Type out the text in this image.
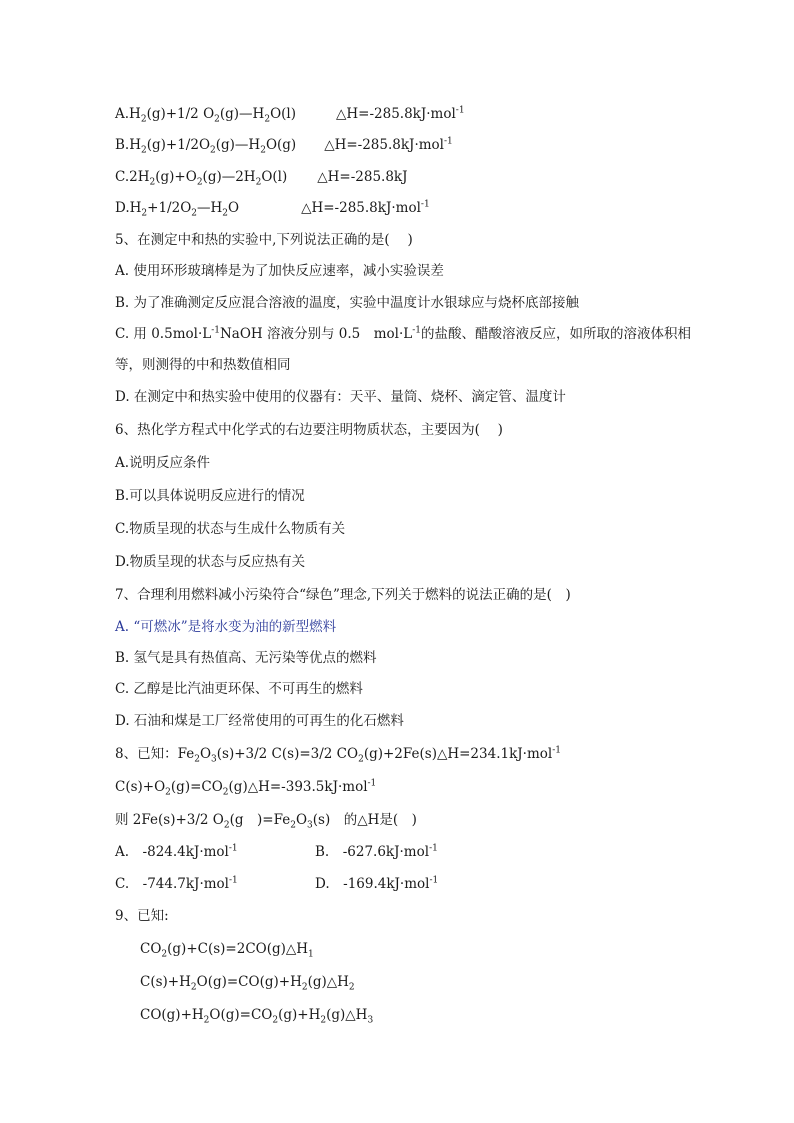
$A.H_2(g)+1/2$ $O_2(g)—H_2O(l)$	△H=-285.8kJ·mol$^{-1}$
$B.H_2(g)+1/2O_2(g)—H_2O(g)$ △H=-285.8kJ·mol$^{-1}$
$C.2H_2(g)+O_2(g)—2H_2O(l)$ △H=-285.8kJ
$D.H_2+1/2O_2—H_2O$	△H=-285.8kJ·mol$^{-1}$
5、在测定中和热的实验中,下列说法正确的是(　 )
A. 使用环形玻璃棒是为了加快反应速率，减小实验误差
B. 为了准确测定反应混合溶液的温度，实验中温度计水银球应与烧杯底部接触
C. 用 $0.5mol\cdot L^{-1}NaOH$ 溶液分别与 0.5　$mol\cdot L^{-1}$的盐酸、醋酸溶液反应，如所取的溶液体积相
等，则测得的中和热数值相同
D. 在测定中和热实验中使用的仪器有：天平、量筒、烧杯、滴定管、温度计
6、热化学方程式中化学式的右边要注明物质状态，主要因为(　 )
A.说明反应条件
B.可以具体说明反应进行的情况
C.物质呈现的状态与生成什么物质有关
D.物质呈现的状态与反应热有关
7、合理利用燃料减小污染符合“绿色”理念,下列关于燃料的说法正确的是(　)
A. “可燃冰”是将水变为油的新型燃料
B. 氢气是具有热值高、无污染等优点的燃料
C. 乙醇是比汽油更环保、不可再生的燃料
D. 石油和煤是工厂经常使用的可再生的化石燃料
8、已知：$Fe_2O_3(s)+3/2$ C(s)=3/2 $CO_2(g)+2Fe(s)\triangle H=234.1kJ\cdot mol^{-1}$
$C(s)+O_2(g)=CO_2(g)\triangle H=-393.5kJ\cdot mol^{-1}$
则 2Fe(s)+3/2 $O_2(g$　)$=Fe_2O_3(s)$　的△H是(　)
A.　-824.4kJ·mol$^{-1}$	B.　-627.6kJ·mol$^{-1}$
C.　-744.7kJ·mol$^{-1}$	D.　-169.4kJ·mol$^{-1}$
9、已知:
$CO_2(g)+C(s)=2CO(g)\triangle H_1$
$C(s)+H_2O(g)=CO(g)+H_2(g)\triangle H_2$
$CO(g)+H_2O(g)=CO_2(g)+H_2(g)\triangle H_3$
